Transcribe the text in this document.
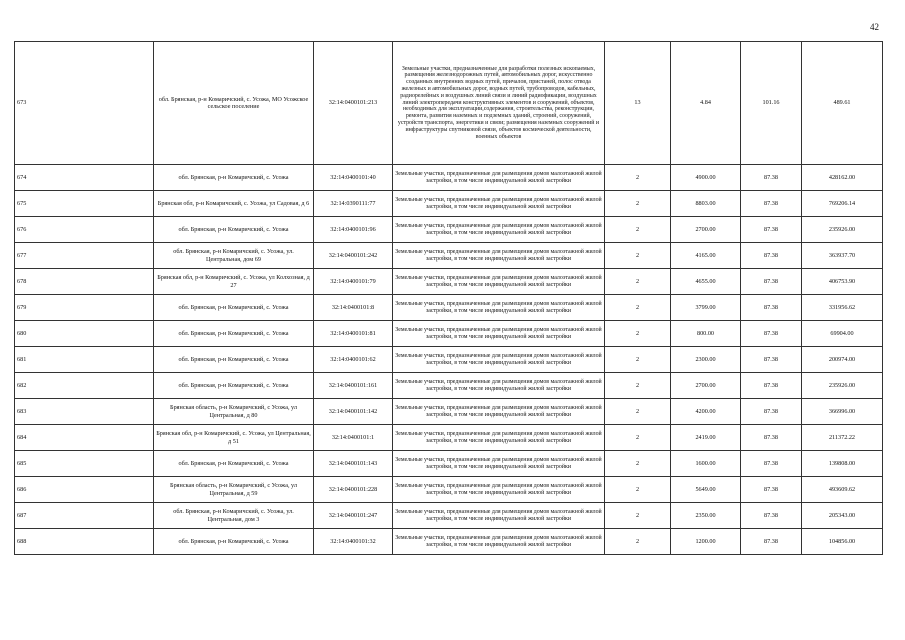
42
673	обл. Брянская, р-н Комаричский, с. Усожа, МО Усожское сельское поселение	32:14:0400101:213	Земельные участки, предназначенные для разработки полезных ископаемых, размещения железнодорожных путей, автомобильных дорог, искусственно созданных внутренних водных путей, причалов, пристаней, полос отвода железных и автомобильных дорог, водных путей, трубопроводов, кабельных, радиорелейных и воздушных линий связи и линий радиофикации, воздушных линий электропередачи конструктивных элементов и сооружений, объектов, необходимых для эксплуатации,содержания, строительства, реконструкции, ремонта, развития наземных и подземных зданий, строений, сооружений, устройств транспорта, энергетики и связи; размещения наземных сооружений и инфраструктуры спутниковой связи, объектов космической деятельности, военных объектов	13	4.84	101.16	489.61
674	обл. Брянская, р-н Комаричский, с. Усожа	32:14:0400101:40	Земельные участки, предназначенные для размещения домов малоэтажной жилой застройки, в том числе индивидуальной жилой застройки	2	4900.00	87.38	428162.00
675	Брянская обл, р-н Комаричский, с. Усожа, ул Садовая, д 6	32:14:0390111:77	Земельные участки, предназначенные для размещения домов малоэтажной жилой застройки, в том числе индивидуальной жилой застройки	2	8803.00	87.38	769206.14
676	обл. Брянская, р-н Комаричский, с. Усожа	32:14:0400101:96	Земельные участки, предназначенные для размещения домов малоэтажной жилой застройки, в том числе индивидуальной жилой застройки	2	2700.00	87.38	235926.00
677	обл. Брянская, р-н Комаричский, с. Усожа, ул. Центральная, дом 69	32:14:0400101:242	Земельные участки, предназначенные для размещения домов малоэтажной жилой застройки, в том числе индивидуальной жилой застройки	2	4165.00	87.38	363937.70
678	Брянская обл, р-н Комаричский, с. Усожа, ул Колхозная, д 27	32:14:0400101:79	Земельные участки, предназначенные для размещения домов малоэтажной жилой застройки, в том числе индивидуальной жилой застройки	2	4655.00	87.38	406753.90
679	обл. Брянская, р-н Комаричский, с. Усожа	32:14:0400101:8	Земельные участки, предназначенные для размещения домов малоэтажной жилой застройки, в том числе индивидуальной жилой застройки	2	3799.00	87.38	331956.62
680	обл. Брянская, р-н Комаричский, с. Усожа	32:14:0400101:81	Земельные участки, предназначенные для размещения домов малоэтажной жилой застройки, в том числе индивидуальной жилой застройки	2	800.00	87.38	69904.00
681	обл. Брянская, р-н Комаричский, с. Усожа	32:14:0400101:62	Земельные участки, предназначенные для размещения домов малоэтажной жилой застройки, в том числе индивидуальной жилой застройки	2	2300.00	87.38	200974.00
682	обл. Брянская, р-н Комаричский, с. Усожа	32:14:0400101:161	Земельные участки, предназначенные для размещения домов малоэтажной жилой застройки, в том числе индивидуальной жилой застройки	2	2700.00	87.38	235926.00
683	Брянская область, р-н Комаричский, с Усожа, ул Центральная, д 80	32:14:0400101:142	Земельные участки, предназначенные для размещения домов малоэтажной жилой застройки, в том числе индивидуальной жилой застройки	2	4200.00	87.38	366996.00
684	Брянская обл, р-н Комаричский, с. Усожа, ул Центральная, д 51	32:14:0400101:1	Земельные участки, предназначенные для размещения домов малоэтажной жилой застройки, в том числе индивидуальной жилой застройки	2	2419.00	87.38	211372.22
685	обл. Брянская, р-н Комаричский, с. Усожа	32:14:0400101:143	Земельные участки, предназначенные для размещения домов малоэтажной жилой застройки, в том числе индивидуальной жилой застройки	2	1600.00	87.38	139808.00
686	Брянская область, р-н Комаричский, с Усожа, ул Центральная, д 59	32:14:0400101:228	Земельные участки, предназначенные для размещения домов малоэтажной жилой застройки, в том числе индивидуальной жилой застройки	2	5649.00	87.38	493609.62
687	обл. Брянская, р-н Комаричский, с. Усожа, ул. Центральная, дом 3	32:14:0400101:247	Земельные участки, предназначенные для размещения домов малоэтажной жилой застройки, в том числе индивидуальной жилой застройки	2	2350.00	87.38	205343.00
688	обл. Брянская, р-н Комаричский, с. Усожа	32:14:0400101:32	Земельные участки, предназначенные для размещения домов малоэтажной жилой застройки, в том числе индивидуальной жилой застройки	2	1200.00	87.38	104856.00
